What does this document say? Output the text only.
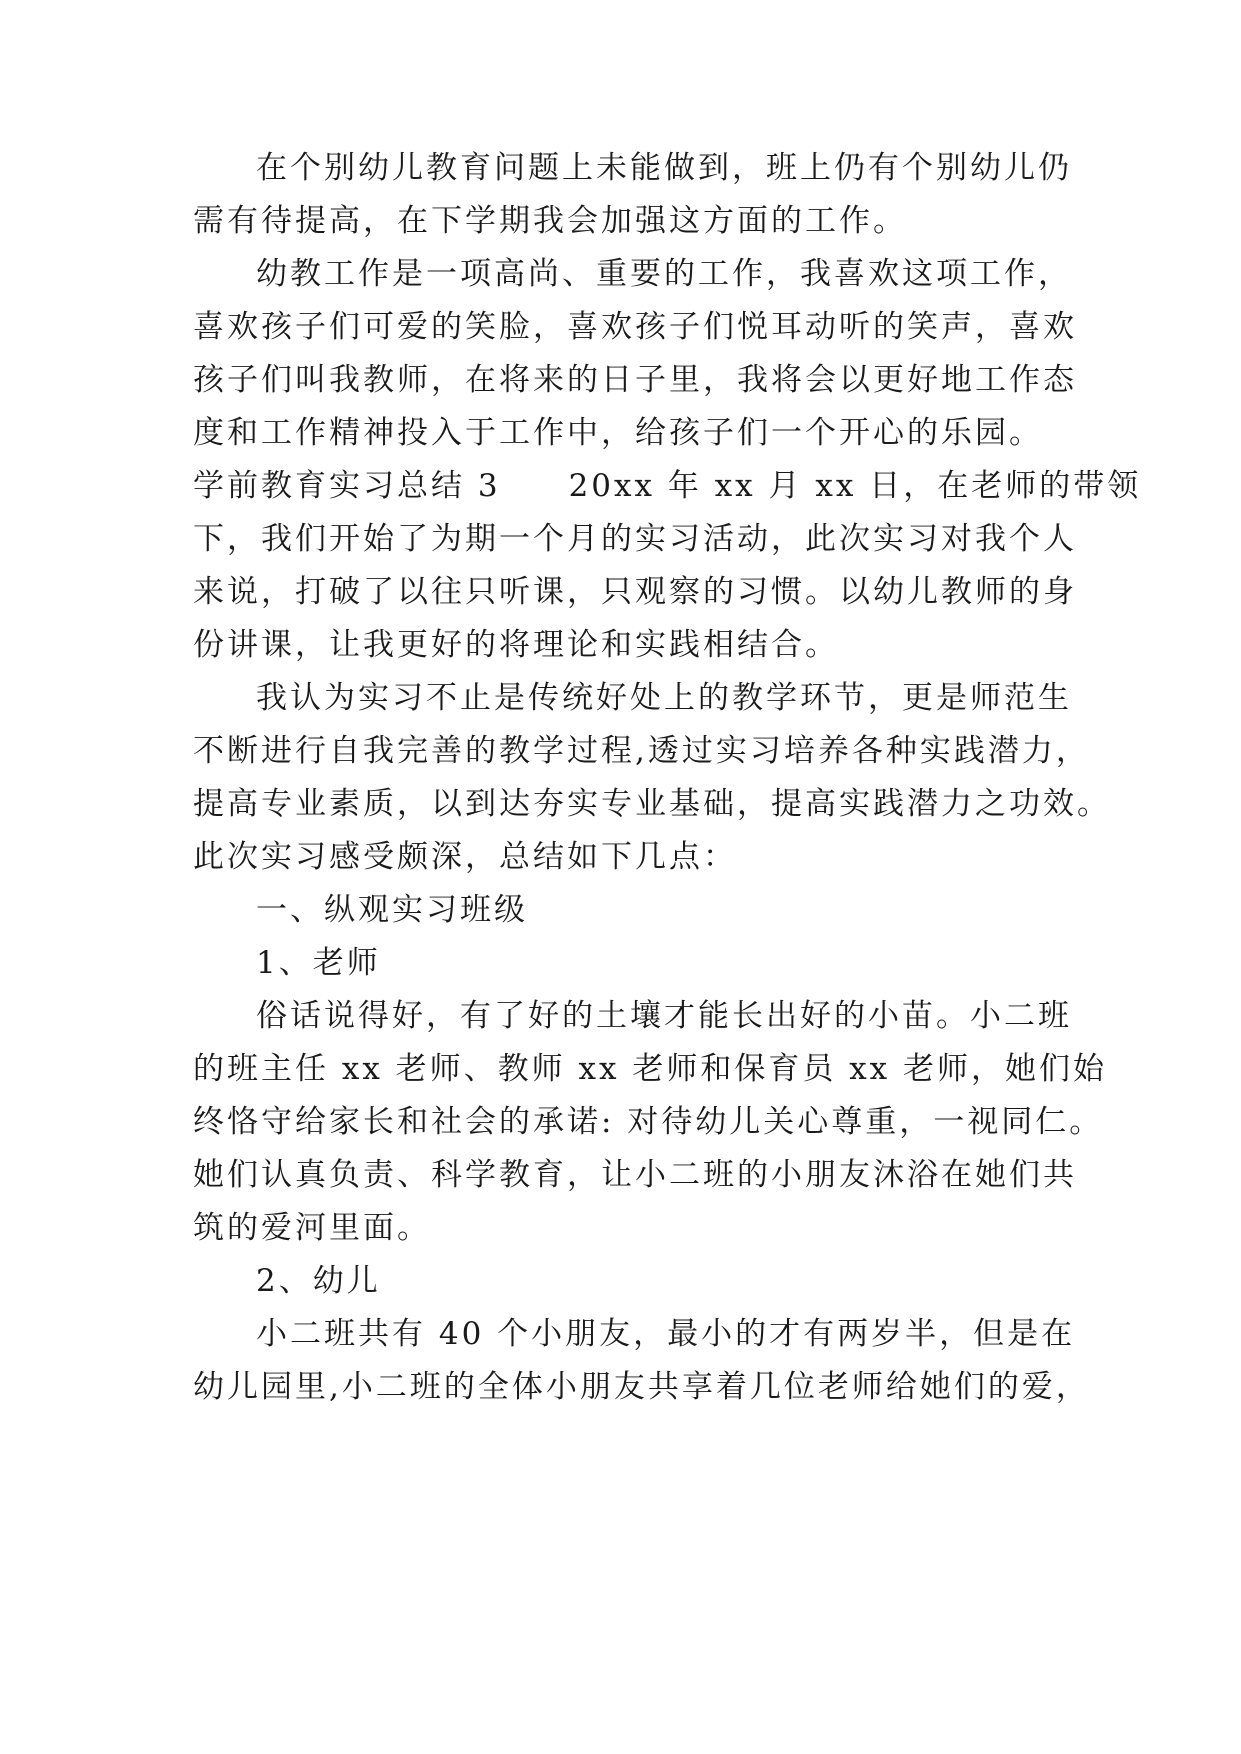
在个别幼儿教育问题上未能做到，班上仍有个别幼儿仍
需有待提高，在下学期我会加强这方面的工作。
幼教工作是一项高尚、重要的工作，我喜欢这项工作，
喜欢孩子们可爱的笑脸，喜欢孩子们悦耳动听的笑声，喜欢
孩子们叫我教师，在将来的日子里，我将会以更好地工作态
度和工作精神投入于工作中，给孩子们一个开心的乐园。
学前教育实习总结 3　　20xx 年 xx 月 xx 日，在老师的带领
下，我们开始了为期一个月的实习活动，此次实习对我个人
来说，打破了以往只听课，只观察的习惯。以幼儿教师的身
份讲课，让我更好的将理论和实践相结合。
我认为实习不止是传统好处上的教学环节，更是师范生
不断进行自我完善的教学过程,透过实习培养各种实践潜力，
提高专业素质，以到达夯实专业基础，提高实践潜力之功效。
此次实习感受颇深，总结如下几点：
一、纵观实习班级
1、老师
俗话说得好，有了好的土壤才能长出好的小苗。小二班
的班主任 xx 老师、教师 xx 老师和保育员 xx 老师，她们始
终恪守给家长和社会的承诺: 对待幼儿关心尊重，一视同仁。
她们认真负责、科学教育，让小二班的小朋友沐浴在她们共
筑的爱河里面。
2、幼儿
小二班共有 40 个小朋友，最小的才有两岁半，但是在
幼儿园里,小二班的全体小朋友共享着几位老师给她们的爱，
